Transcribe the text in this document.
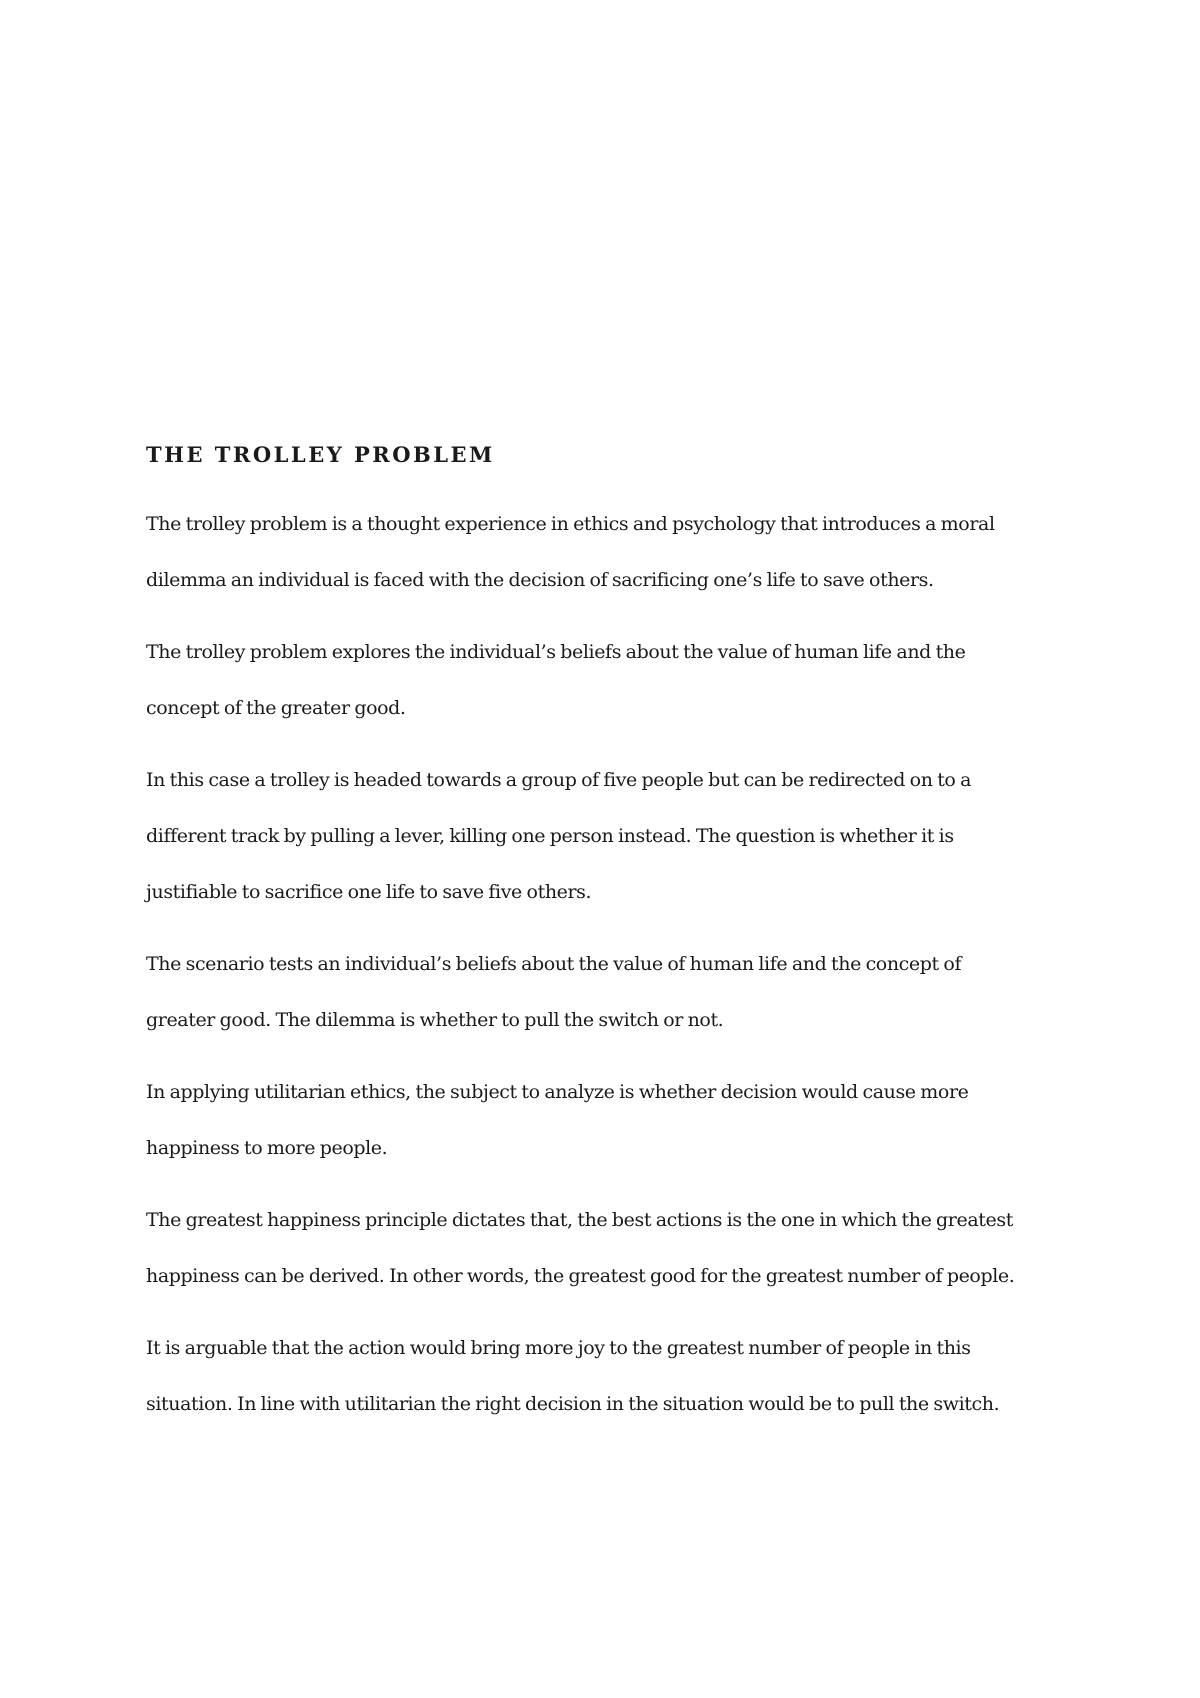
THE TROLLEY PROBLEM

The trolley problem is a thought experience in ethics and psychology that introduces a moral
dilemma an individual is faced with the decision of sacrificing one’s life to save others.

The trolley problem explores the individual’s beliefs about the value of human life and the
concept of the greater good.

In this case a trolley is headed towards a group of five people but can be redirected on to a
different track by pulling a lever, killing one person instead. The question is whether it is
justifiable to sacrifice one life to save five others.

The scenario tests an individual’s beliefs about the value of human life and the concept of
greater good. The dilemma is whether to pull the switch or not.

In applying utilitarian ethics, the subject to analyze is whether decision would cause more
happiness to more people.

The greatest happiness principle dictates that, the best actions is the one in which the greatest
happiness can be derived. In other words, the greatest good for the greatest number of people.

It is arguable that the action would bring more joy to the greatest number of people in this
situation. In line with utilitarian the right decision in the situation would be to pull the switch.
